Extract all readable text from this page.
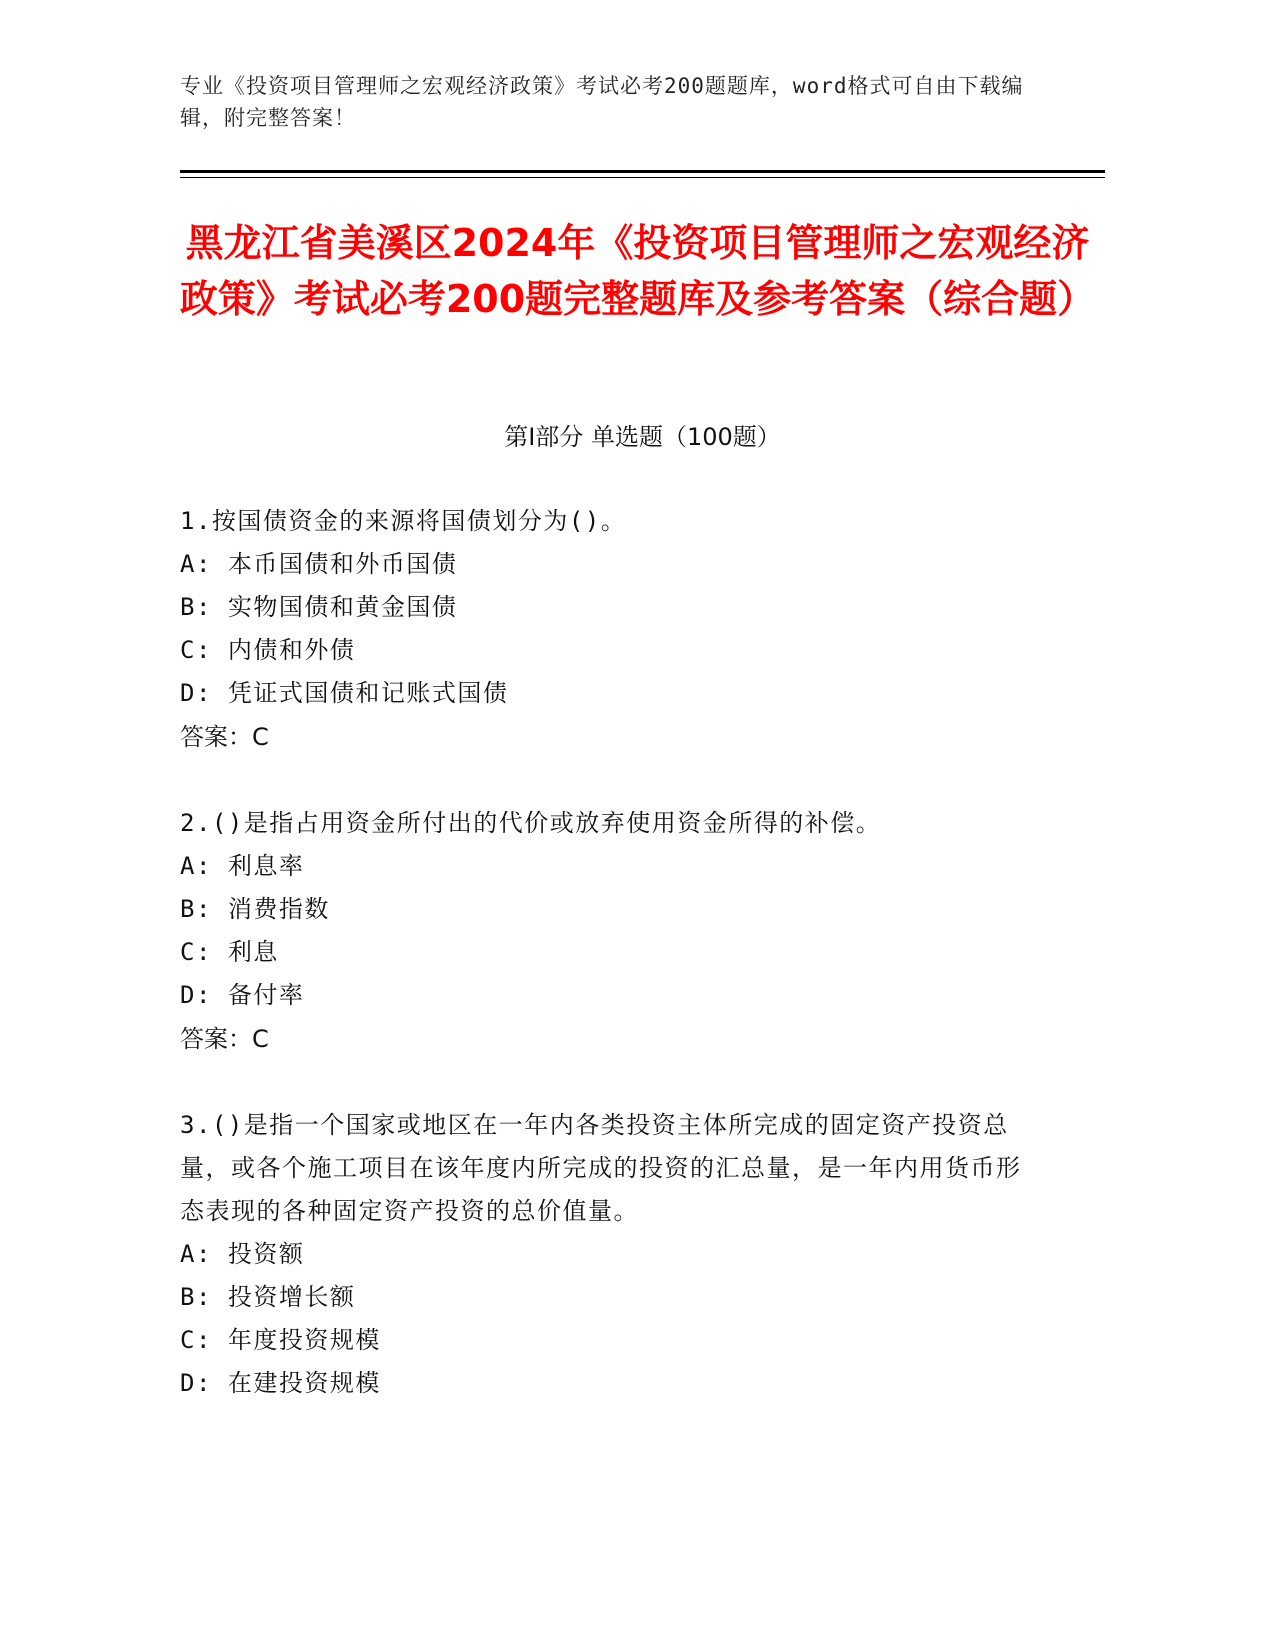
专业《投资项目管理师之宏观经济政策》考试必考200题题库，word格式可自由下载编辑，附完整答案！
黑龙江省美溪区2024年《投资项目管理师之宏观经济政策》考试必考200题完整题库及参考答案（综合题）
第Ⅰ部分 单选题（100题）
1.按国债资金的来源将国债划分为()。
A: 本币国债和外币国债
B: 实物国债和黄金国债
C: 内债和外债
D: 凭证式国债和记账式国债
答案：C
2.()是指占用资金所付出的代价或放弃使用资金所得的补偿。
A: 利息率
B: 消费指数
C: 利息
D: 备付率
答案：C
3.()是指一个国家或地区在一年内各类投资主体所完成的固定资产投资总量，或各个施工项目在该年度内所完成的投资的汇总量，是一年内用货币形态表现的各种固定资产投资的总价值量。
A: 投资额
B: 投资增长额
C: 年度投资规模
D: 在建投资规模
